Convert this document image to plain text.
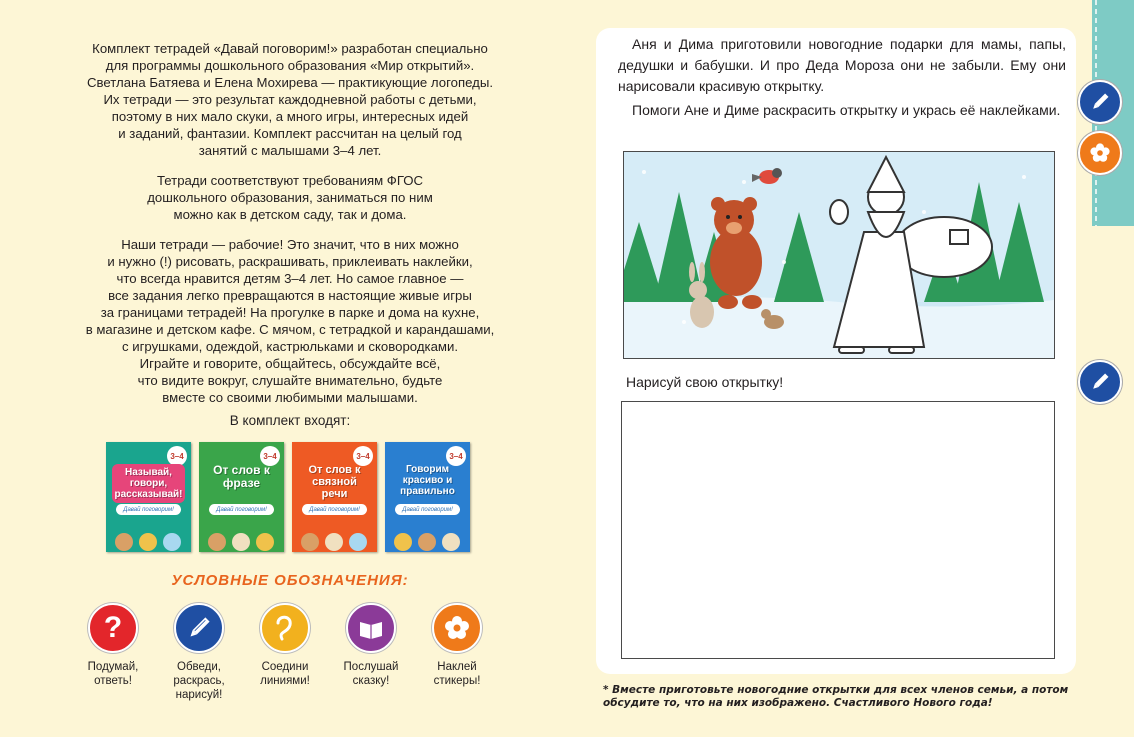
Комплект тетрадей «Давай поговорим!» разработан специально
для программы дошкольного образования «Мир открытий».
Светлана Батяева и Елена Мохирева — практикующие логопеды.
Их тетради — это результат каждодневной работы с детьми,
поэтому в них мало скуки, а много игры, интересных идей
и заданий, фантазии. Комплект рассчитан на целый год
занятий с малышами 3–4 лет.

Тетради соответствуют требованиям ФГОС
дошкольного образования, заниматься по ним
можно как в детском саду, так и дома.

Наши тетради — рабочие! Это значит, что в них можно
и нужно (!) рисовать, раскрашивать, приклеивать наклейки,
что всегда нравится детям 3–4 лет. Но самое главное —
все задания легко превращаются в настоящие живые игры
за границами тетрадей! На прогулке в парке и дома на кухне,
в магазине и детском кафе. С мячом, с тетрадкой и карандашами,
с игрушками, одеждой, кастрюльками и сковородками.
Играйте и говорите, общайтесь, обсуждайте всё,
что видите вокруг, слушайте внимательно, будьте
вместе со своими любимыми малышами.

В комплект входят:
3–4
Называй, говори, рассказывай!
Давай поговорим!
3–4
От слов к фразе
Давай поговорим!
3–4
От слов к связной речи
Давай поговорим!
3–4
Говорим красиво и правильно
Давай поговорим!
УСЛОВНЫЕ ОБОЗНАЧЕНИЯ:
?
Подумай, ответь!
Обведи, раскрась, нарисуй!
Соедини линиями!
Послушай сказку!
Наклей стикеры!

Аня и Дима приготовили новогодние подарки для мамы, папы, дедушки и бабушки. И про Деда Мороза они не забыли. Ему они нарисовали красивую открытку.

Помоги Ане и Диме раскрасить открытку и укрась её наклейками.

Нарисуй свою открытку!
* Вместе приготовьте новогодние открытки для всех членов семьи, а потом обсудите то, что на них изображено. Счастливого Нового года!
